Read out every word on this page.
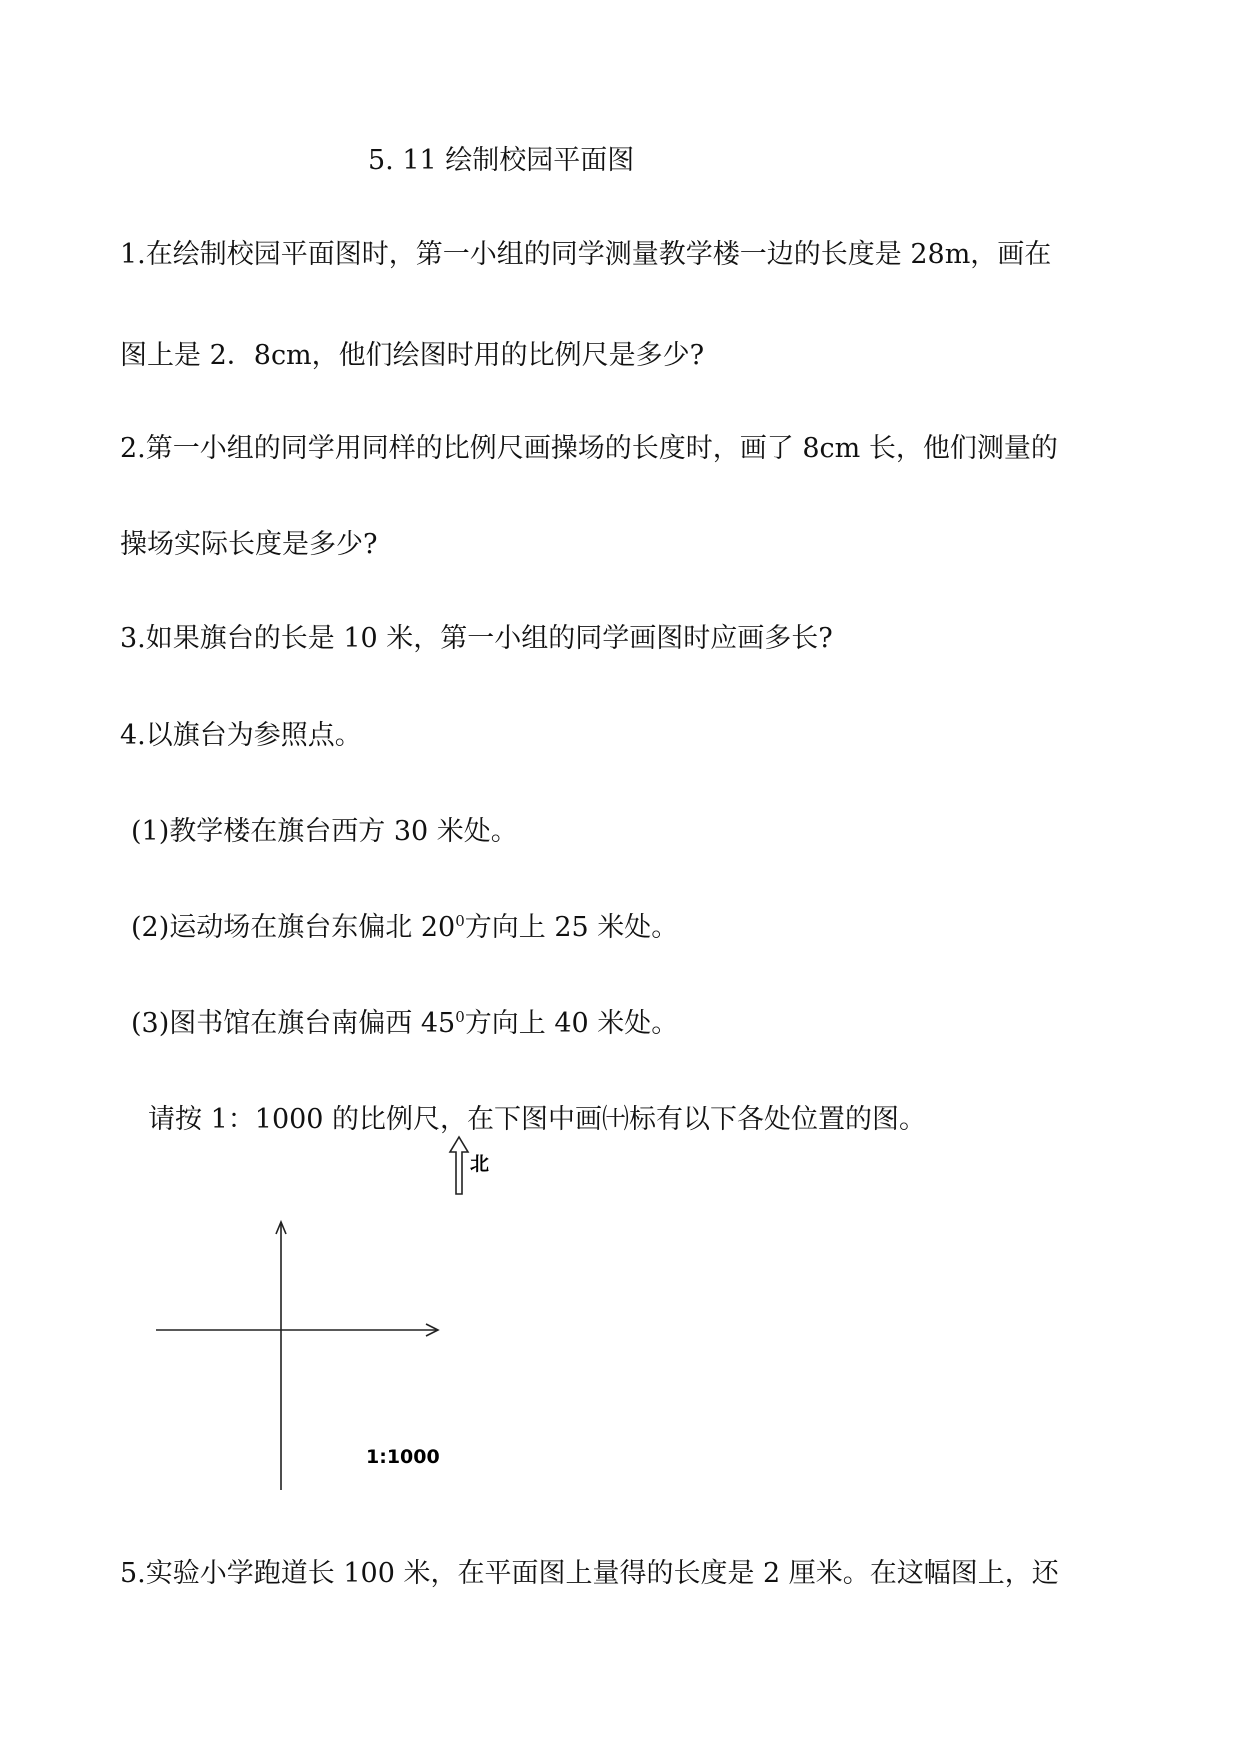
5. 11 绘制校园平面图
1.在绘制校园平面图时，第一小组的同学测量教学楼一边的长度是 28m，画在
图上是 2．8cm，他们绘图时用的比例尺是多少?
2.第一小组的同学用同样的比例尺画操场的长度时，画了 8cm 长，他们测量的
操场实际长度是多少?
3.如果旗台的长是 10 米，第一小组的同学画图时应画多长?
4.以旗台为参照点。
(1)教学楼在旗台西方 30 米处。
(2)运动场在旗台东偏北 $20^0$方向上 25 米处。
(3)图书馆在旗台南偏西 $45^0$方向上 40 米处。
请按 1：1000 的比例尺，在下图中画㈩标有以下各处位置的图。
北
1:1000
5.实验小学跑道长 100 米，在平面图上量得的长度是 2 厘米。在这幅图上，还
